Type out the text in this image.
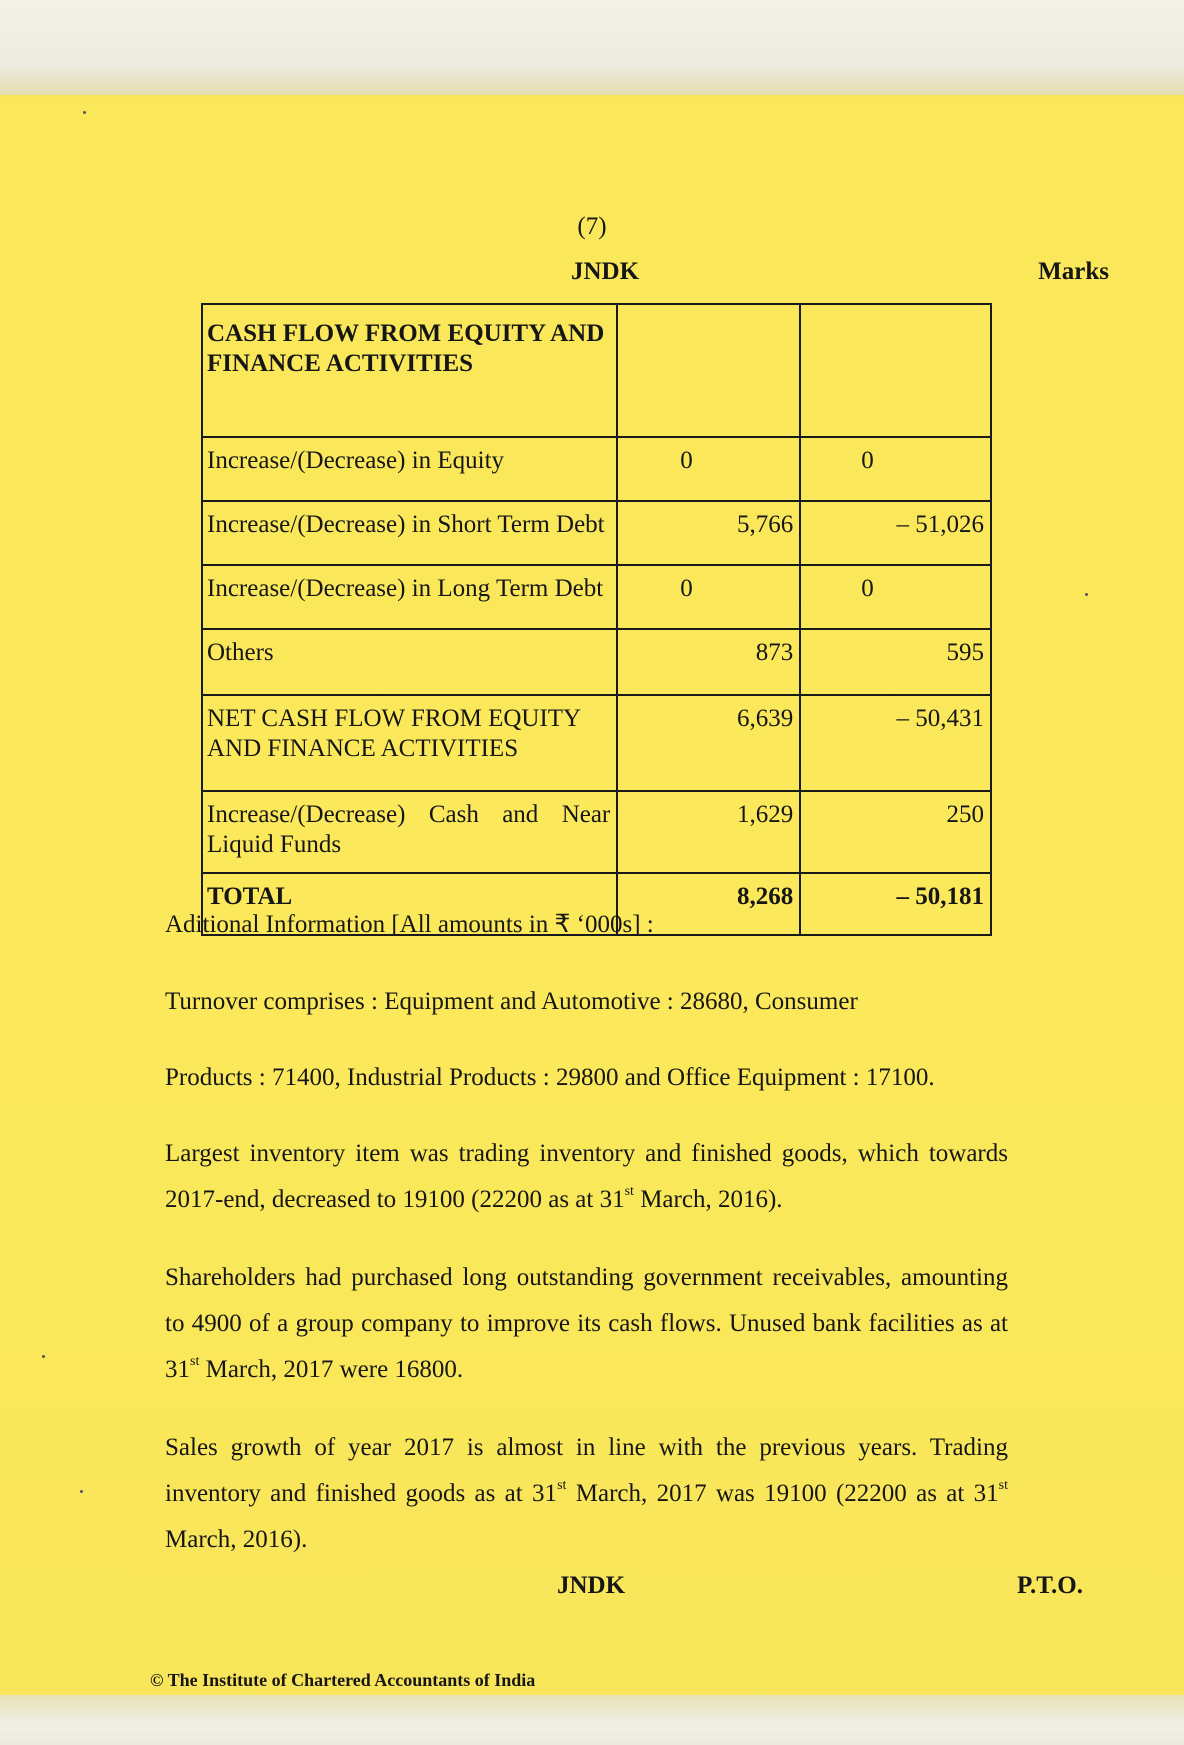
(7)
JNDK	Marks
CASH FLOW FROM EQUITY AND FINANCE ACTIVITIES		
Increase/(Decrease) in Equity	0	0
Increase/(Decrease) in Short Term Debt	5,766	– 51,026
Increase/(Decrease) in Long Term Debt	0	0
Others	873	595

NET CASH FLOW FROM EQUITY
AND FINANCE ACTIVITIES	6,639	– 50,431

Increase/(Decrease) Cash and Near
Liquid Funds	1,629	250
TOTAL	8,268	– 50,181
Aditional Information [All amounts in ₹ ‘000s] :
Turnover comprises : Equipment and Automotive : 28680, Consumer
Products : 71400, Industrial Products : 29800 and Office Equipment : 17100.

Largest inventory item was trading inventory and finished goods, which towards 2017-end, decreased to 19100 (22200 as at 31st March, 2016).

Shareholders had purchased long outstanding government receivables, amounting to 4900 of a group company to improve its cash flows. Unused bank facilities as at 31st March, 2017 were 16800.

Sales growth of year 2017 is almost in line with the previous years. Trading inventory and finished goods as at 31st March, 2017 was 19100 (22200 as at 31st March, 2016).

JNDK	P.T.O.
© The Institute of Chartered Accountants of India
